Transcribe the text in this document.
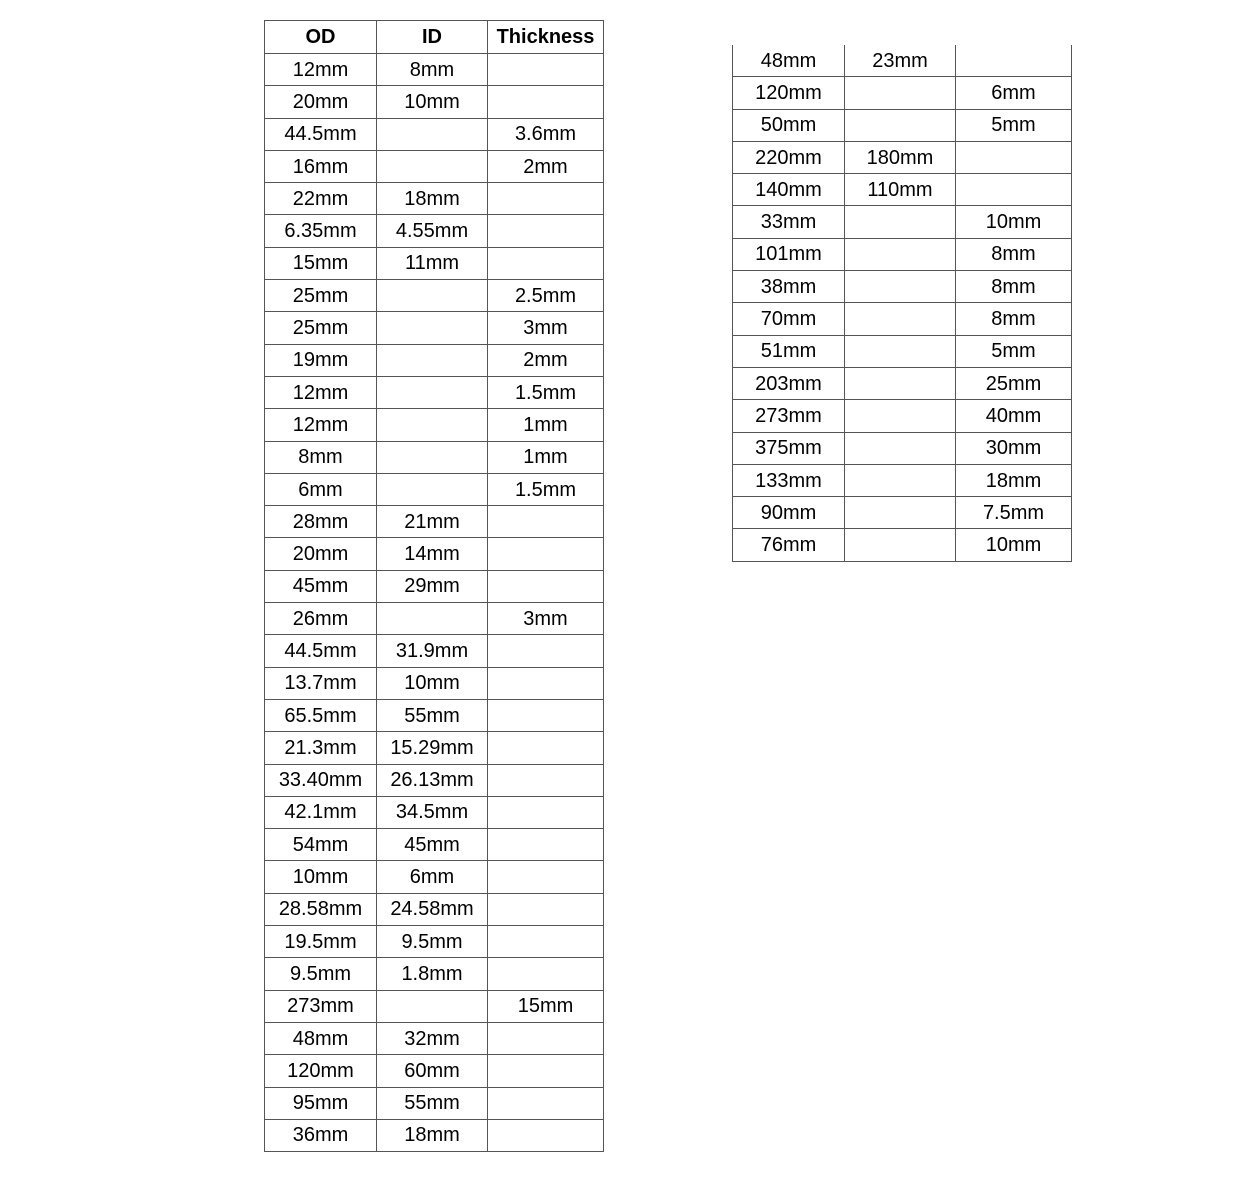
OD	ID	Thickness
12mm	8mm	
20mm	10mm	
44.5mm		3.6mm
16mm		2mm
22mm	18mm	
6.35mm	4.55mm	
15mm	11mm	
25mm		2.5mm
25mm		3mm
19mm		2mm
12mm		1.5mm
12mm		1mm
8mm		1mm
6mm		1.5mm
28mm	21mm	
20mm	14mm	
45mm	29mm	
26mm		3mm
44.5mm	31.9mm	
13.7mm	10mm	
65.5mm	55mm	
21.3mm	15.29mm	
33.40mm	26.13mm	
42.1mm	34.5mm	
54mm	45mm	
10mm	6mm	
28.58mm	24.58mm	
19.5mm	9.5mm	
9.5mm	1.8mm	
273mm		15mm
48mm	32mm	
120mm	60mm	
95mm	55mm	
36mm	18mm	
48mm	23mm	
120mm		6mm
50mm		5mm
220mm	180mm	
140mm	110mm	
33mm		10mm
101mm		8mm
38mm		8mm
70mm		8mm
51mm		5mm
203mm		25mm
273mm		40mm
375mm		30mm
133mm		18mm
90mm		7.5mm
76mm		10mm
